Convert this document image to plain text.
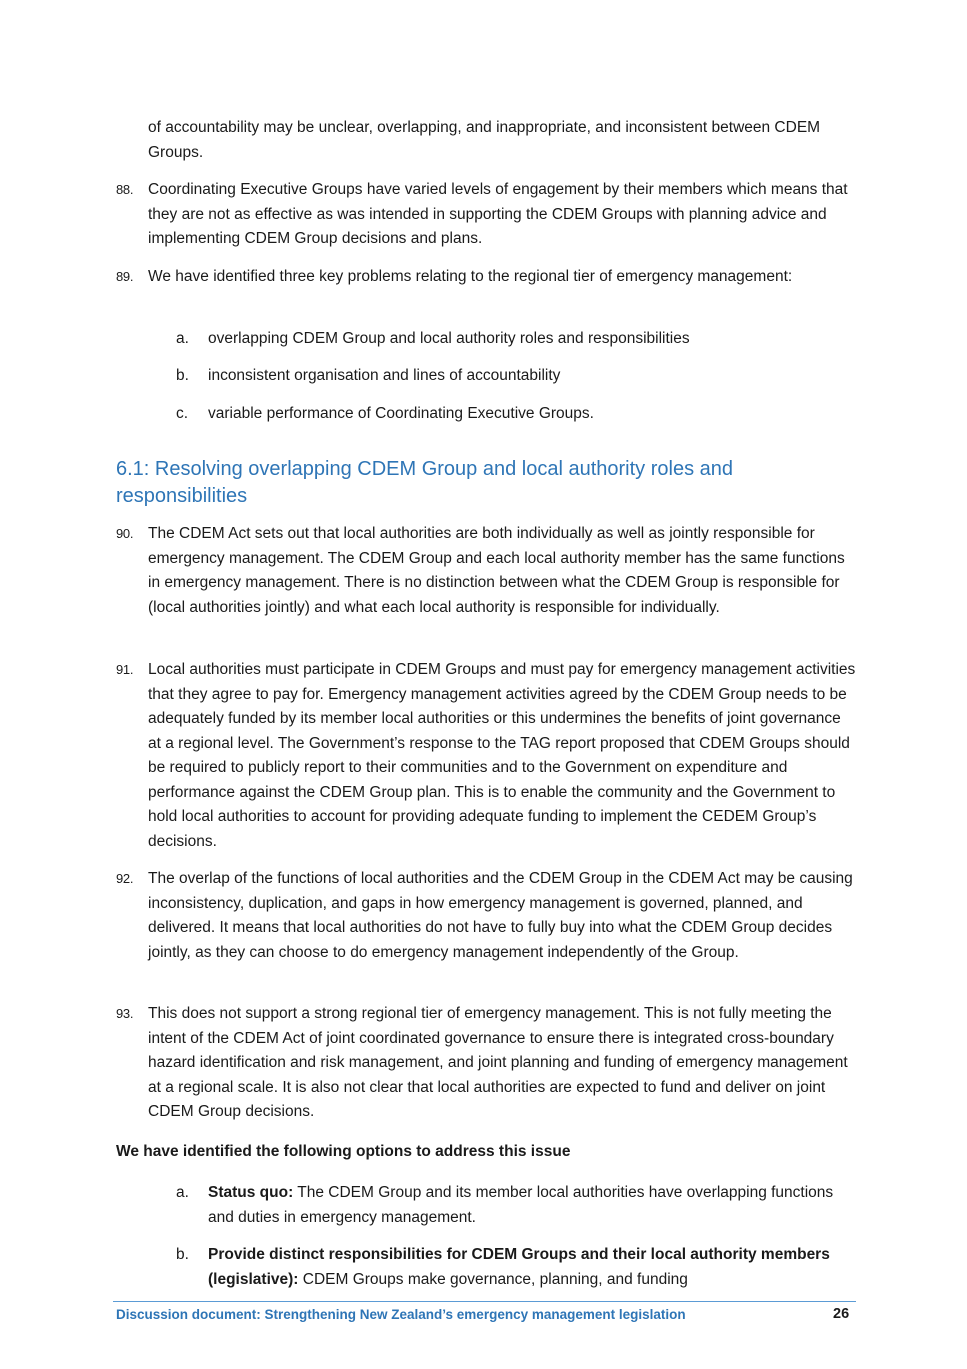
of accountability may be unclear, overlapping, and inappropriate, and inconsistent between CDEM Groups.
88. Coordinating Executive Groups have varied levels of engagement by their members which means that they are not as effective as was intended in supporting the CDEM Groups with planning advice and implementing CDEM Group decisions and plans.
89. We have identified three key problems relating to the regional tier of emergency management:
a. overlapping CDEM Group and local authority roles and responsibilities
b. inconsistent organisation and lines of accountability
c. variable performance of Coordinating Executive Groups.
6.1: Resolving overlapping CDEM Group and local authority roles and responsibilities
90. The CDEM Act sets out that local authorities are both individually as well as jointly responsible for emergency management. The CDEM Group and each local authority member has the same functions in emergency management. There is no distinction between what the CDEM Group is responsible for (local authorities jointly) and what each local authority is responsible for individually.
91. Local authorities must participate in CDEM Groups and must pay for emergency management activities that they agree to pay for. Emergency management activities agreed by the CDEM Group needs to be adequately funded by its member local authorities or this undermines the benefits of joint governance at a regional level. The Government’s response to the TAG report proposed that CDEM Groups should be required to publicly report to their communities and to the Government on expenditure and performance against the CDEM Group plan. This is to enable the community and the Government to hold local authorities to account for providing adequate funding to implement the CEDEM Group’s decisions.
92. The overlap of the functions of local authorities and the CDEM Group in the CDEM Act may be causing inconsistency, duplication, and gaps in how emergency management is governed, planned, and delivered. It means that local authorities do not have to fully buy into what the CDEM Group decides jointly, as they can choose to do emergency management independently of the Group.
93. This does not support a strong regional tier of emergency management. This is not fully meeting the intent of the CDEM Act of joint coordinated governance to ensure there is integrated cross-boundary hazard identification and risk management, and joint planning and funding of emergency management at a regional scale. It is also not clear that local authorities are expected to fund and deliver on joint CDEM Group decisions.
We have identified the following options to address this issue
a. Status quo: The CDEM Group and its member local authorities have overlapping functions and duties in emergency management.
b. Provide distinct responsibilities for CDEM Groups and their local authority members (legislative): CDEM Groups make governance, planning, and funding
Discussion document: Strengthening New Zealand’s emergency management legislation	26
